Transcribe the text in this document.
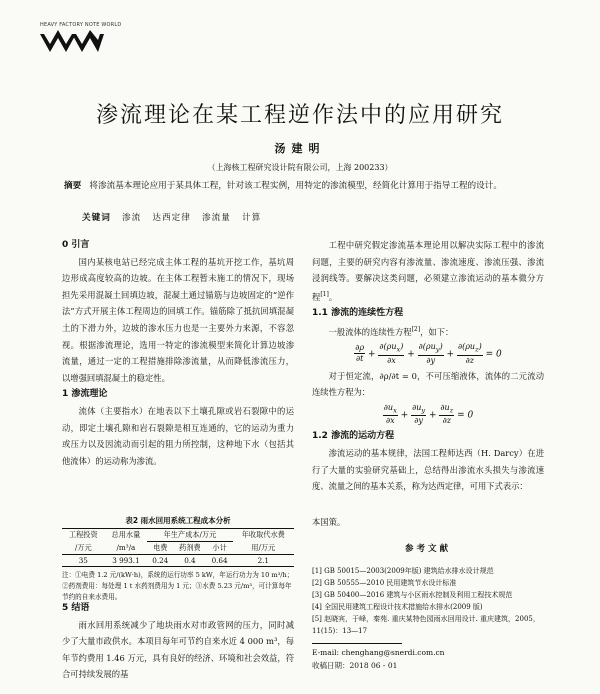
HEAVY FACTORY NOTE WORLD
渗流理论在某工程逆作法中的应用研究
汤建明
（上海核工程研究设计院有限公司，上海 200233）
摘要 将渗流基本理论应用于某具体工程，针对该工程实例，用特定的渗流模型，经简化计算用于指导工程的设计。
关键词 渗流 达西定律 渗流量 计算
0 引言

国内某核电站已经完成主体工程的基坑开挖工作，基坑周边形成高度较高的边坡。在主体工程暂未施工的情况下，现场担先采用混凝土回填边坡，混凝土通过锚筋与边坡固定的“逆作法”方式开展主体工程周边的回填工作。锚筋除了抵抗回填混凝土的下滑力外，边坡的渗水压力也是一主要外力来源，不容忽视。根据渗流理论，选用一特定的渗流模型来简化计算边坡渗流量，通过一定的工程措施排除渗流量，从而降低渗流压力，以增强回填混凝土的稳定性。

1 渗流理论

流体（主要指水）在地表以下土壤孔隙或岩石裂隙中的运动，即定土壤孔隙和岩石裂隙是相互连通的，它的运动为重力或压力以及因流动而引起的阻力所控制，这种地下水（包括其他流体）的运动称为渗流。

表2 雨水回用系统工程成本分析
工程投资	总用水量	年生产成本/万元			年收取代水费
/万元	/m³/a	电费	药剂费	小计	用/万元
35	3 993.1	0.24	0.4	0.64	2.1
注：①电费 1.2 元/(kW·h)，系统的运行功率 5 kW，年运行功力为 10 m³/h；②药剂费用：每处理 1 t 水药剂费用为 1 元；③水费 5.23 元/m³，可计算每年节约的自来水费用。
5 结语

雨水回用系统减少了地块雨水对市政管网的压力，同时减少了大量市政供水。本项目每年可节约自来水近 4 000 m³，每年节约费用 1.46 万元，具有良好的经济、环境和社会效益，符合可持续发展的基

工程中研究假定渗流基本理论用以解决实际工程中的渗流问题，主要的研究内容有渗流量、渗流速度、渗流压强、渗流浸润线等。要解决这类问题，必须建立渗流运动的基本微分方程[1]。

1.1 渗流的连续性方程

一般流体的连续性方程[2]，如下：

$\frac{\partial\rho}{\partial t} + \frac{\partial(\rho u_x)}{\partial x} + \frac{\partial(\rho u_y)}{\partial y} + \frac{\partial(\rho u_z)}{\partial z} = 0$

对于恒定流，∂ρ/∂t = 0，不可压缩液体，流体的二元流动连续性方程为：

$\frac{\partial u_x}{\partial x} + \frac{\partial u_y}{\partial y} + \frac{\partial u_z}{\partial z} = 0$
1.2 渗流的运动方程

渗流运动的基本规律，法国工程师达西（H. Darcy）在进行了大量的实验研究基础上，总结得出渗流水头损失与渗流速度、流量之间的基本关系，称为达西定律，可用下式表示：

本国策。
参考文献
[1] GB 50015—2003(2009年版) 建筑给水排水设计规范
[2] GB 50555—2010 民用建筑节水设计标准
[3] GB 50400—2016 建筑与小区雨水控制及利用工程技术规范
[4] 全国民用建筑工程设计技术措施给水排水(2009 版)
[5] 赵晓宾，于峰，秦苑. 重庆某特色园雨水回用设计. 重庆建筑，2005，11(15)：13—17
E-mail: chenghang@snerdi.com.cn
收稿日期：2018 06 - 01
